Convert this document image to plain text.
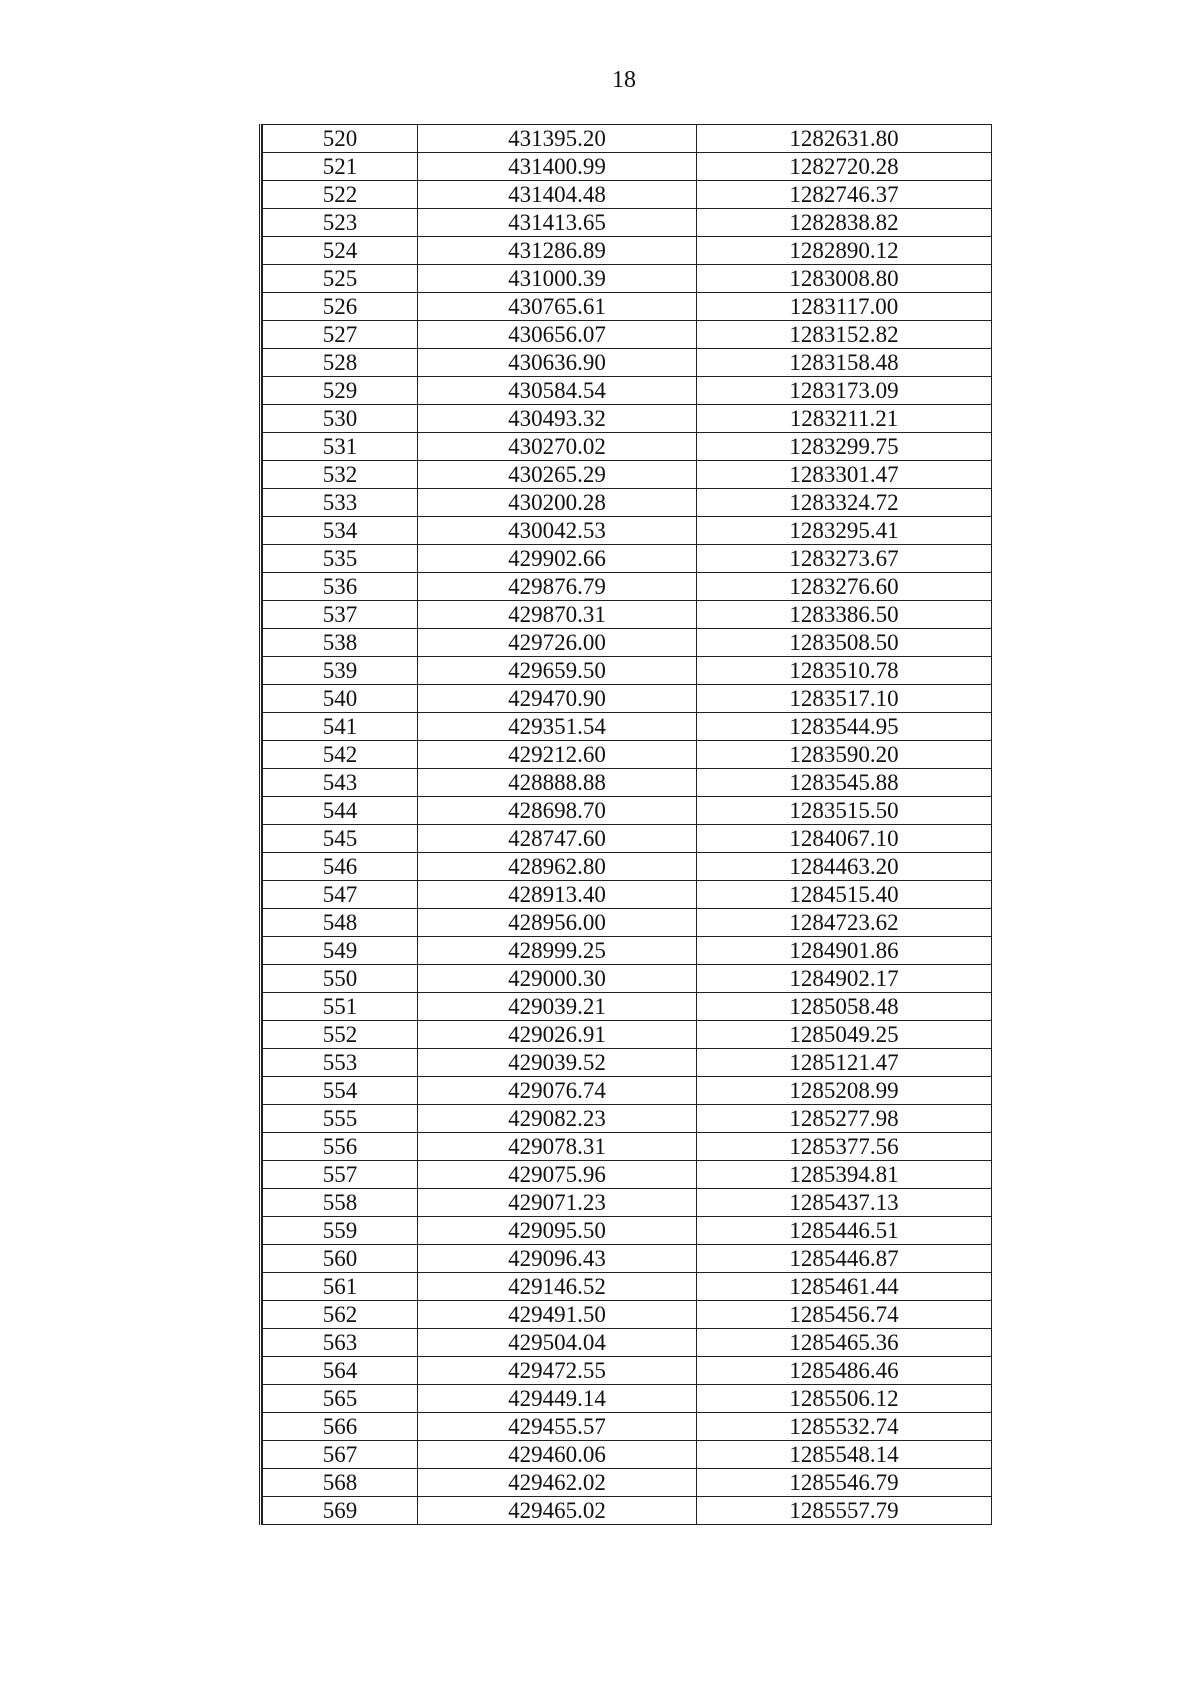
18
520	431395.20	1282631.80
521	431400.99	1282720.28
522	431404.48	1282746.37
523	431413.65	1282838.82
524	431286.89	1282890.12
525	431000.39	1283008.80
526	430765.61	1283117.00
527	430656.07	1283152.82
528	430636.90	1283158.48
529	430584.54	1283173.09
530	430493.32	1283211.21
531	430270.02	1283299.75
532	430265.29	1283301.47
533	430200.28	1283324.72
534	430042.53	1283295.41
535	429902.66	1283273.67
536	429876.79	1283276.60
537	429870.31	1283386.50
538	429726.00	1283508.50
539	429659.50	1283510.78
540	429470.90	1283517.10
541	429351.54	1283544.95
542	429212.60	1283590.20
543	428888.88	1283545.88
544	428698.70	1283515.50
545	428747.60	1284067.10
546	428962.80	1284463.20
547	428913.40	1284515.40
548	428956.00	1284723.62
549	428999.25	1284901.86
550	429000.30	1284902.17
551	429039.21	1285058.48
552	429026.91	1285049.25
553	429039.52	1285121.47
554	429076.74	1285208.99
555	429082.23	1285277.98
556	429078.31	1285377.56
557	429075.96	1285394.81
558	429071.23	1285437.13
559	429095.50	1285446.51
560	429096.43	1285446.87
561	429146.52	1285461.44
562	429491.50	1285456.74
563	429504.04	1285465.36
564	429472.55	1285486.46
565	429449.14	1285506.12
566	429455.57	1285532.74
567	429460.06	1285548.14
568	429462.02	1285546.79
569	429465.02	1285557.79
